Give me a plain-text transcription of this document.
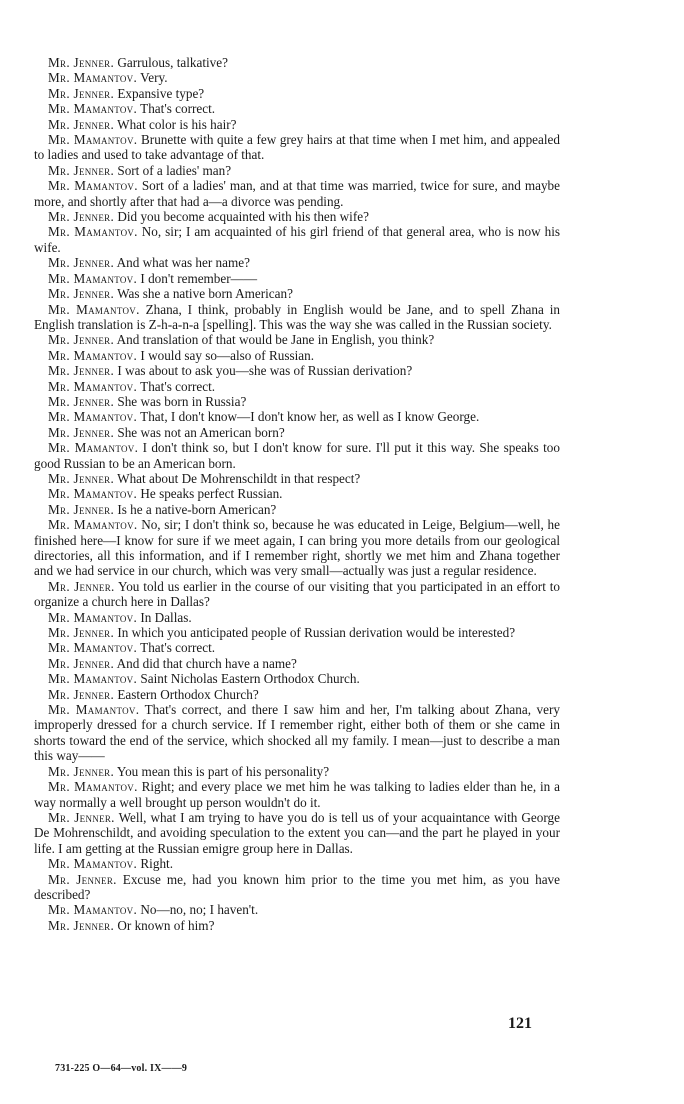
Mr. Jenner. Garrulous, talkative?

Mr. Mamantov. Very.

Mr. Jenner. Expansive type?

Mr. Mamantov. That's correct.

Mr. Jenner. What color is his hair?

Mr. Mamantov. Brunette with quite a few grey hairs at that time when I met him, and appealed to ladies and used to take advantage of that.

Mr. Jenner. Sort of a ladies' man?

Mr. Mamantov. Sort of a ladies' man, and at that time was married, twice for sure, and maybe more, and shortly after that had a—a divorce was pending.

Mr. Jenner. Did you become acquainted with his then wife?

Mr. Mamantov. No, sir; I am acquainted of his girl friend of that general area, who is now his wife.

Mr. Jenner. And what was her name?

Mr. Mamantov. I don't remember——

Mr. Jenner. Was she a native born American?

Mr. Mamantov. Zhana, I think, probably in English would be Jane, and to spell Zhana in English translation is Z-h-a-n-a [spelling]. This was the way she was called in the Russian society.

Mr. Jenner. And translation of that would be Jane in English, you think?

Mr. Mamantov. I would say so—also of Russian.

Mr. Jenner. I was about to ask you—she was of Russian derivation?

Mr. Mamantov. That's correct.

Mr. Jenner. She was born in Russia?

Mr. Mamantov. That, I don't know—I don't know her, as well as I know George.

Mr. Jenner. She was not an American born?

Mr. Mamantov. I don't think so, but I don't know for sure. I'll put it this way. She speaks too good Russian to be an American born.

Mr. Jenner. What about De Mohrenschildt in that respect?

Mr. Mamantov. He speaks perfect Russian.

Mr. Jenner. Is he a native-born American?

Mr. Mamantov. No, sir; I don't think so, because he was educated in Leige, Belgium—well, he finished here—I know for sure if we meet again, I can bring you more details from our geological directories, all this information, and if I remember right, shortly we met him and Zhana together and we had service in our church, which was very small—actually was just a regular residence.

Mr. Jenner. You told us earlier in the course of our visiting that you participated in an effort to organize a church here in Dallas?

Mr. Mamantov. In Dallas.

Mr. Jenner. In which you anticipated people of Russian derivation would be interested?

Mr. Mamantov. That's correct.

Mr. Jenner. And did that church have a name?

Mr. Mamantov. Saint Nicholas Eastern Orthodox Church.

Mr. Jenner. Eastern Orthodox Church?

Mr. Mamantov. That's correct, and there I saw him and her, I'm talking about Zhana, very improperly dressed for a church service. If I remember right, either both of them or she came in shorts toward the end of the service, which shocked all my family. I mean—just to describe a man this way——

Mr. Jenner. You mean this is part of his personality?

Mr. Mamantov. Right; and every place we met him he was talking to ladies elder than he, in a way normally a well brought up person wouldn't do it.

Mr. Jenner. Well, what I am trying to have you do is tell us of your acquaintance with George De Mohrenschildt, and avoiding speculation to the extent you can—and the part he played in your life. I am getting at the Russian emigre group here in Dallas.

Mr. Mamantov. Right.

Mr. Jenner. Excuse me, had you known him prior to the time you met him, as you have described?

Mr. Mamantov. No—no, no; I haven't.

Mr. Jenner. Or known of him?

121
731-225 O—64—vol. IX——9
